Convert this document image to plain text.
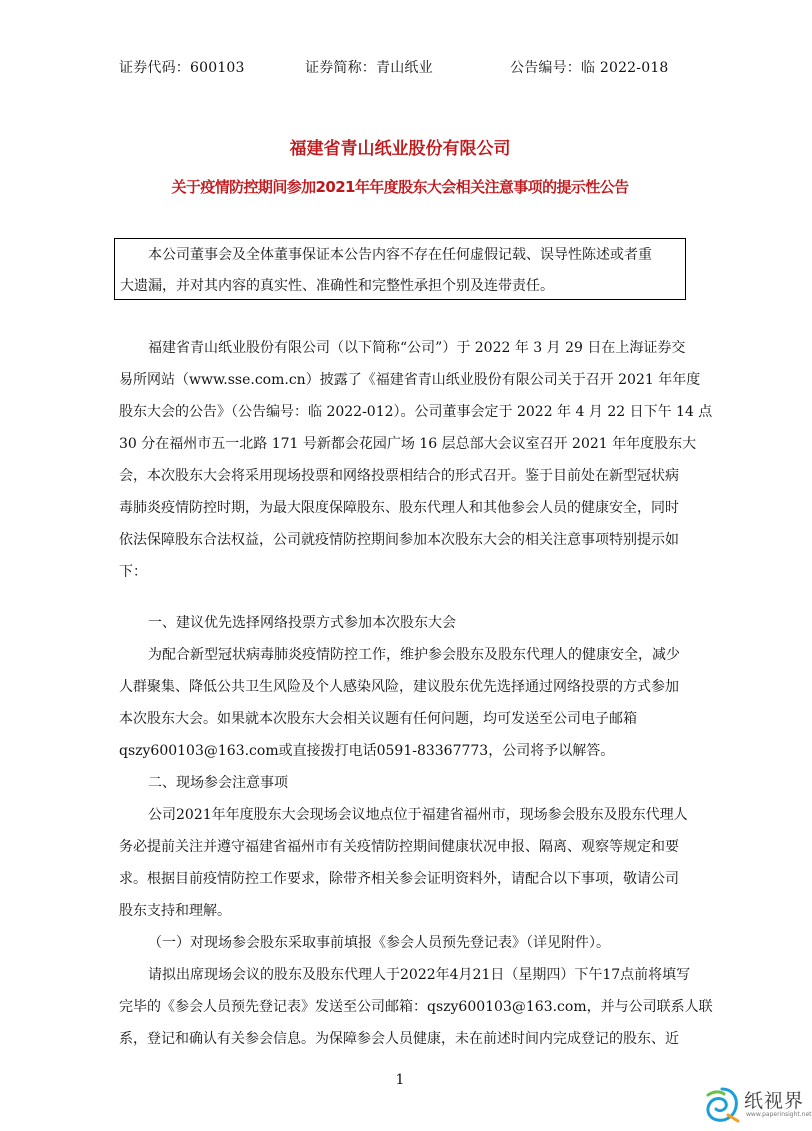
证券代码：600103	证券简称：青山纸业	公告编号：临 2022-018
福建省青山纸业股份有限公司
关于疫情防控期间参加2021年年度股东大会相关注意事项的提示性公告
本公司董事会及全体董事保证本公告内容不存在任何虚假记载、误导性陈述或者重
大遗漏，并对其内容的真实性、准确性和完整性承担个别及连带责任。
福建省青山纸业股份有限公司（以下简称“公司”）于 2022 年 3 月 29 日在上海证券交
易所网站（www.sse.com.cn）披露了《福建省青山纸业股份有限公司关于召开 2021 年年度
股东大会的公告》（公告编号：临 2022-012）。公司董事会定于 2022 年 4 月 22 日下午 14 点
30 分在福州市五一北路 171 号新都会花园广场 16 层总部大会议室召开 2021 年年度股东大
会，本次股东大会将采用现场投票和网络投票相结合的形式召开。鉴于目前处在新型冠状病
毒肺炎疫情防控时期，为最大限度保障股东、股东代理人和其他参会人员的健康安全，同时
依法保障股东合法权益，公司就疫情防控期间参加本次股东大会的相关注意事项特别提示如
下：
一、建议优先选择网络投票方式参加本次股东大会
为配合新型冠状病毒肺炎疫情防控工作，维护参会股东及股东代理人的健康安全，减少
人群聚集、降低公共卫生风险及个人感染风险，建议股东优先选择通过网络投票的方式参加
本次股东大会。如果就本次股东大会相关议题有任何问题，均可发送至公司电子邮箱
qszy600103@163.com或直接拨打电话0591-83367773，公司将予以解答。
二、现场参会注意事项
公司2021年年度股东大会现场会议地点位于福建省福州市，现场参会股东及股东代理人
务必提前关注并遵守福建省福州市有关疫情防控期间健康状况申报、隔离、观察等规定和要
求。根据目前疫情防控工作要求，除带齐相关参会证明资料外，请配合以下事项，敬请公司
股东支持和理解。
（一）对现场参会股东采取事前填报《参会人员预先登记表》（详见附件）。
请拟出席现场会议的股东及股东代理人于2022年4月21日（星期四）下午17点前将填写
完毕的《参会人员预先登记表》发送至公司邮箱：qszy600103@163.com，并与公司联系人联
系，登记和确认有关参会信息。为保障参会人员健康，未在前述时间内完成登记的股东、近
1
纸视界
www.paperinsight.net
